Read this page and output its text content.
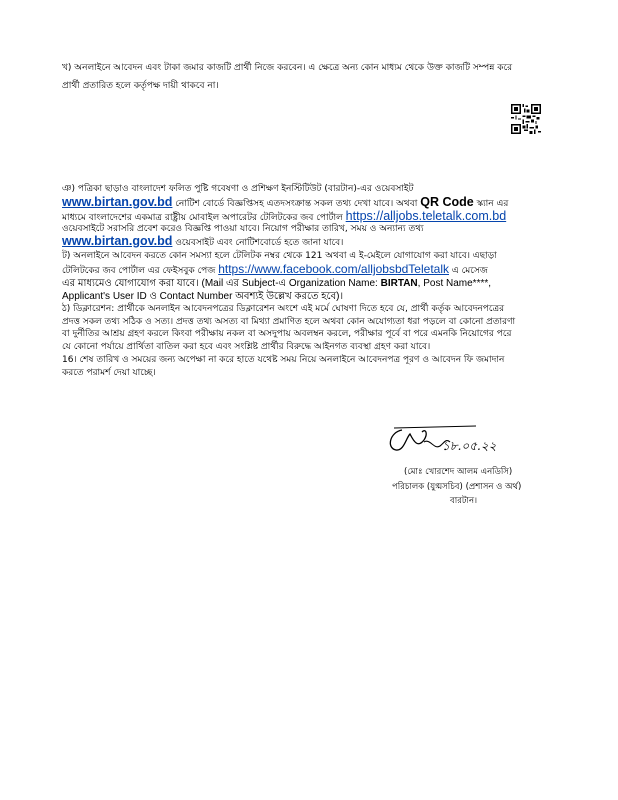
খ) অনলাইনে আবেদন এবং টাকা জমার কাজটি প্রার্থী নিজে করবেন। এ ক্ষেত্রে অন্য কোন মাধ্যম থেকে উক্ত কাজটি সম্পন্ন করে
প্রার্থী প্রতারিত হলে কর্তৃপক্ষ দায়ী থাকবে না।
ঞ) পত্রিকা ছাড়াও বাংলাদেশ ফলিত পুষ্টি গবেষণা ও প্রশিক্ষণ ইনস্টিটিউট (বারটান)-এর ওয়েবসাইট
www.birtan.gov.bd নোটিশ বোর্ডে বিজ্ঞপ্তিসহ এতদসংক্রান্ত সকল তথ্য দেখা যাবে। অথবা QR Code স্ক্যান এর
মাধ্যমে বাংলাদেশের একমাত্র রাষ্ট্রীয় মোবাইল অপারেটর টেলিটকের জব পোর্টাল https://alljobs.teletalk.com.bd
ওয়েবসাইটে সরাসরি প্রবেশ করেও বিজ্ঞপ্তি পাওয়া যাবে। নিয়োগ পরীক্ষার তারিখ, সময় ও অন্যান্য তথ্য
www.birtan.gov.bd ওয়েবসাইট এবং নোটিশবোর্ডে হতে জানা যাবে।
ট) অনলাইনে আবেদন করতে কোন সমস্যা হলে টেলিটক নম্বর থেকে 121 অথবা এ ই-মেইলে যোগাযোগ করা যাবে। এছাড়া
টেলিটকের জব পোর্টাল এর ফেইসবুক পেজ https://www.facebook.com/alljobsbdTeletalk এ মেসেজ
এর মাধ্যমেও যোগাযোগ করা যাবে। (Mail এর Subject-এ Organization Name: BIRTAN, Post Name****,
Applicant's User ID ও Contact Number অবশ্যই উল্লেখ করতে হবে)।
ঠ) ডিক্লারেশন: প্রার্থীকে অনলাইন আবেদনপত্রের ডিক্লারেশন অংশে এই মর্মে ঘোষণা দিতে হবে যে, প্রার্থী কর্তৃক আবেদনপত্রের
প্রদত্ত সকল তথ্য সঠিক ও সত্য। প্রদত্ত তথ্য অসত্য বা মিথ্যা প্রমাণিত হলে অথবা কোন অযোগ্যতা ধরা পড়লে বা কোনো প্রতারণা
বা দুর্নীতির আশ্রয় গ্রহণ করলে কিংবা পরীক্ষায় নকল বা অসদুপায় অবলম্বন করলে, পরীক্ষার পূর্বে বা পরে এমনকি নিয়োগের পরে
যে কোনো পর্যায়ে প্রার্থিতা বাতিল করা হবে এবং সংশ্লিষ্ট প্রার্থীর বিরুদ্ধে আইনগত ব্যবস্থা গ্রহণ করা যাবে।
16। শেষ তারিখ ও সময়ের জন্য অপেক্ষা না করে হাতে যথেষ্ট সময় নিয়ে অনলাইনে আবেদনপত্র পূরণ ও আবেদন ফি জমাদান
করতে পরামর্শ দেয়া যাচ্ছে।
১৮.০৫.২২
(মোঃ খোরশেদ আলম এনডিসি)
পরিচালক (যুগ্মসচিব) (প্রশাসন ও অর্থ)
বারটান।
